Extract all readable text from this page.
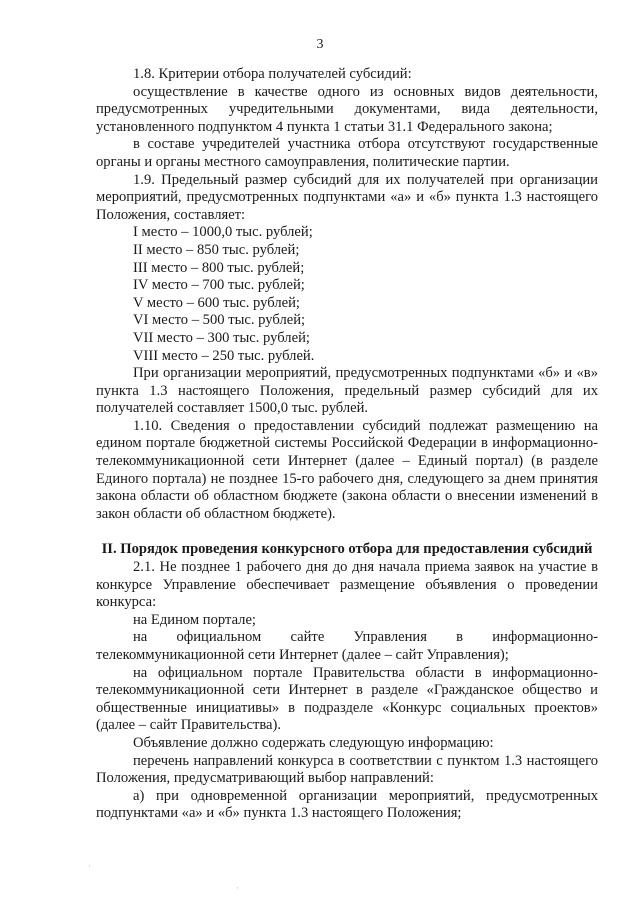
3

1.8. Критерии отбора получателей субсидий:

осуществление в качестве одного из основных видов деятельности, предусмотренных учредительными документами, вида деятельности, установленного подпунктом 4 пункта 1 статьи 31.1 Федерального закона;

в составе учредителей участника отбора отсутствуют государственные органы и органы местного самоуправления, политические партии.

1.9. Предельный размер субсидий для их получателей при организации мероприятий, предусмотренных подпунктами «а» и «б» пункта 1.3 настоящего Положения, составляет:

I место – 1000,0 тыс. рублей;

II место – 850 тыс. рублей;

III место – 800 тыс. рублей;

IV место – 700 тыс. рублей;

V место – 600 тыс. рублей;

VI место – 500 тыс. рублей;

VII место – 300 тыс. рублей;

VIII место – 250 тыс. рублей.

При организации мероприятий, предусмотренных подпунктами «б» и «в» пункта 1.3 настоящего Положения, предельный размер субсидий для их получателей составляет 1500,0 тыс. рублей.

1.10. Сведения о предоставлении субсидий подлежат размещению на едином портале бюджетной системы Российской Федерации в информационно-телекоммуникационной сети Интернет (далее – Единый портал) (в разделе Единого портала) не позднее 15-го рабочего дня, следующего за днем принятия закона области об областном бюджете (закона области о внесении изменений в закон области об областном бюджете).

II. Порядок проведения конкурсного отбора для предоставления субсидий

2.1. Не позднее 1 рабочего дня до дня начала приема заявок на участие в конкурсе Управление обеспечивает размещение объявления о проведении конкурса:

на Едином портале;

на официальном сайте Управления в информационно-телекоммуникационной сети Интернет (далее – сайт Управления);

на официальном портале Правительства области в информационно-телекоммуникационной сети Интернет в разделе «Гражданское общество и общественные инициативы» в подразделе «Конкурс социальных проектов» (далее – сайт Правительства).

Объявление должно содержать следующую информацию:

перечень направлений конкурса в соответствии с пунктом 1.3 настоящего Положения, предусматривающий выбор направлений:

а) при одновременной организации мероприятий, предусмотренных подпунктами «а» и «б» пункта 1.3 настоящего Положения;

·
·
